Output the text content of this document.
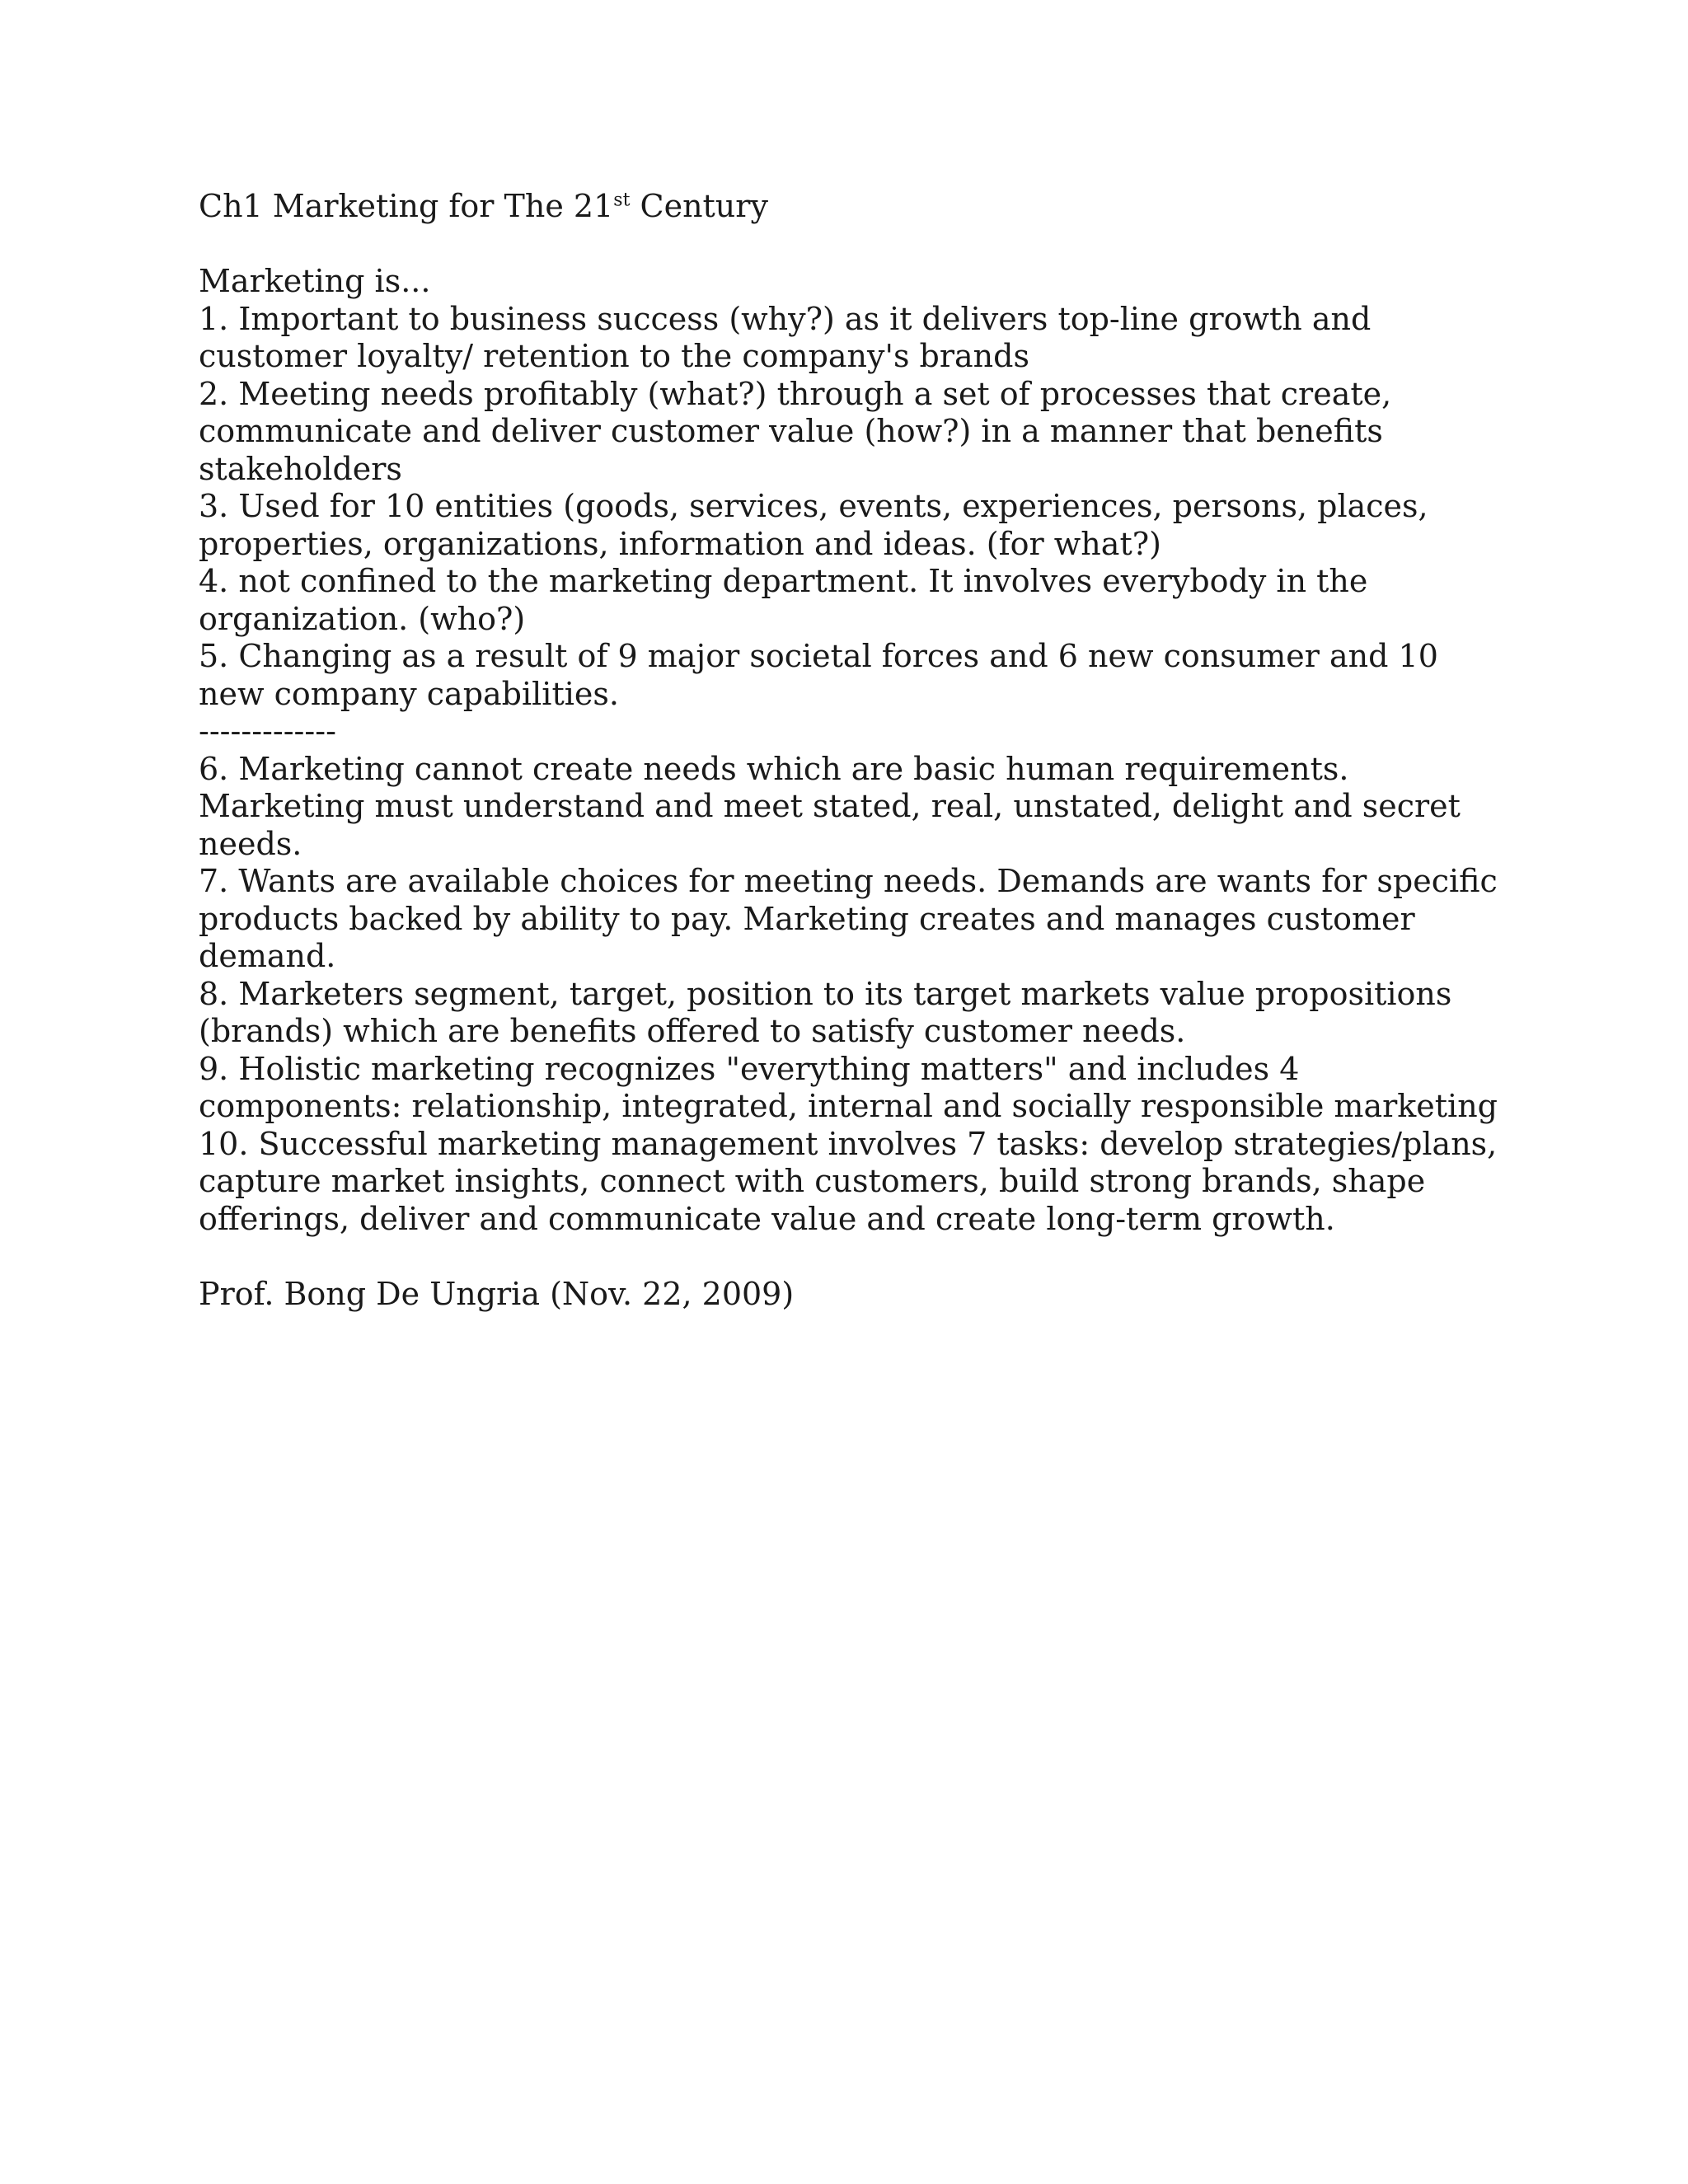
Ch1 Marketing for The 21st Century

Marketing is...

1. Important to business success (why?) as it delivers top-line growth and customer loyalty/ retention to the company's brands

2. Meeting needs profitably (what?) through a set of processes that create, communicate and deliver customer value (how?) in a manner that benefits stakeholders

3. Used for 10 entities (goods, services, events, experiences, persons, places, properties, organizations, information and ideas. (for what?)

4. not confined to the marketing department. It involves everybody in the organization. (who?)

5. Changing as a result of 9 major societal forces and 6 new consumer and 10 new company capabilities.

-------------

6. Marketing cannot create needs which are basic human requirements. Marketing must understand and meet stated, real, unstated, delight and secret needs.

7. Wants are available choices for meeting needs. Demands are wants for specific products backed by ability to pay. Marketing creates and manages customer demand.

8. Marketers segment, target, position to its target markets value propositions (brands) which are benefits offered to satisfy customer needs.

9. Holistic marketing recognizes "everything matters" and includes 4 components: relationship, integrated, internal and socially responsible marketing

10. Successful marketing management involves 7 tasks: develop strategies/plans, capture market insights, connect with customers, build strong brands, shape offerings, deliver and communicate value and create long-term growth.

Prof. Bong De Ungria (Nov. 22, 2009)
